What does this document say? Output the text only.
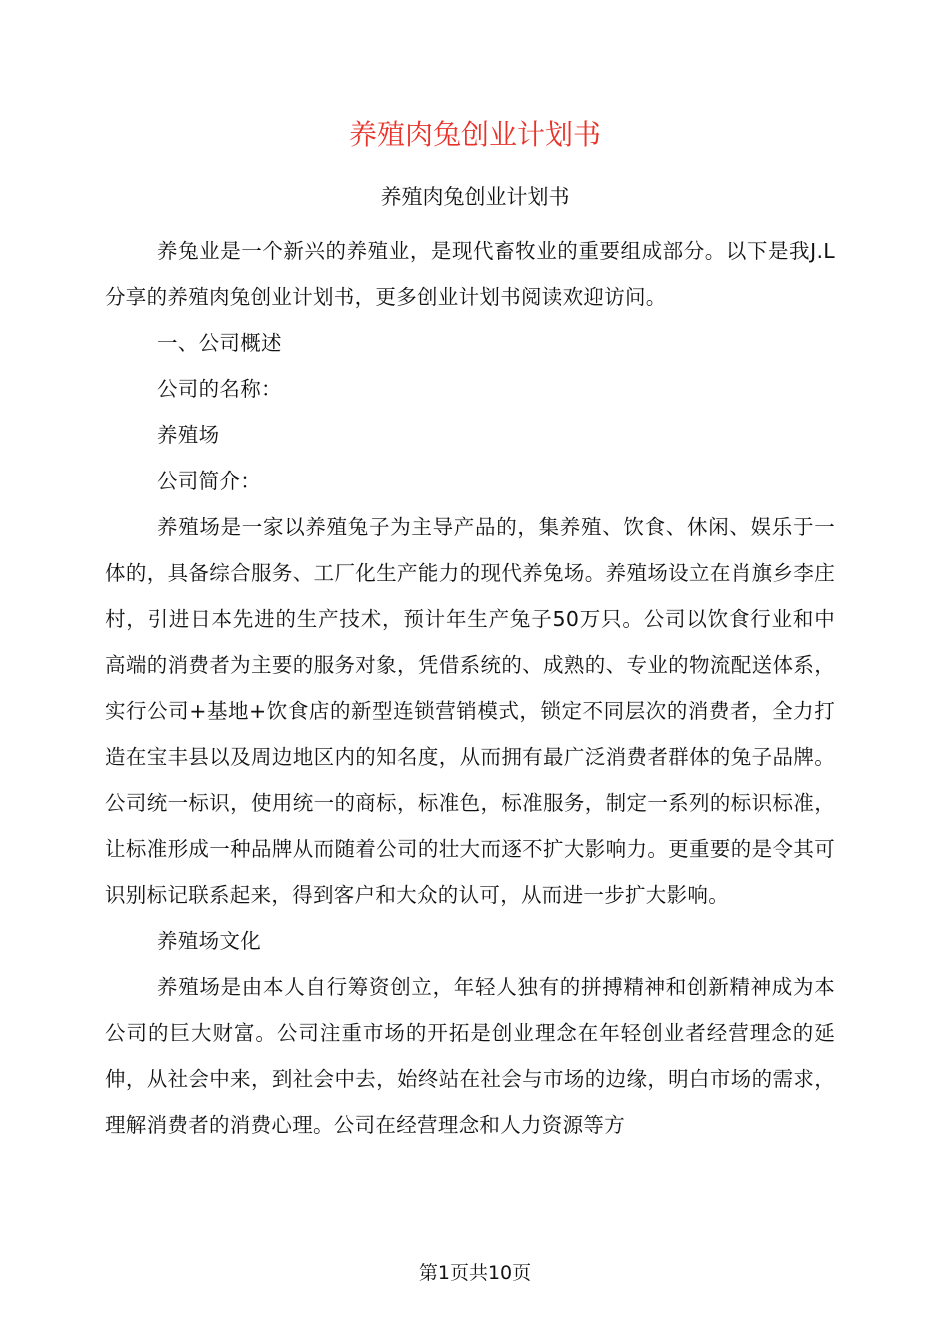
养殖肉兔创业计划书
养殖肉兔创业计划书

养兔业是一个新兴的养殖业，是现代畜牧业的重要组成部分。以下是我J.L分享的养殖肉兔创业计划书，更多创业计划书阅读欢迎访问。

一、公司概述

公司的名称：

养殖场

公司简介：

养殖场是一家以养殖兔子为主导产品的，集养殖、饮食、休闲、娱乐于一体的，具备综合服务、工厂化生产能力的现代养兔场。养殖场设立在肖旗乡李庄村，引进日本先进的生产技术，预计年生产兔子50万只。公司以饮食行业和中高端的消费者为主要的服务对象，凭借系统的、成熟的、专业的物流配送体系，实行公司+基地+饮食店的新型连锁营销模式，锁定不同层次的消费者，全力打造在宝丰县以及周边地区内的知名度，从而拥有最广泛消费者群体的兔子品牌。公司统一标识，使用统一的商标，标准色，标准服务，制定一系列的标识标准，让标准形成一种品牌从而随着公司的壮大而逐不扩大影响力。更重要的是令其可识别标记联系起来，得到客户和大众的认可，从而进一步扩大影响。

养殖场文化

养殖场是由本人自行筹资创立，年轻人独有的拼搏精神和创新精神成为本公司的巨大财富。公司注重市场的开拓是创业理念在年轻创业者经营理念的延伸，从社会中来，到社会中去，始终站在社会与市场的边缘，明白市场的需求，理解消费者的消费心理。公司在经营理念和人力资源等方

第1页共10页
